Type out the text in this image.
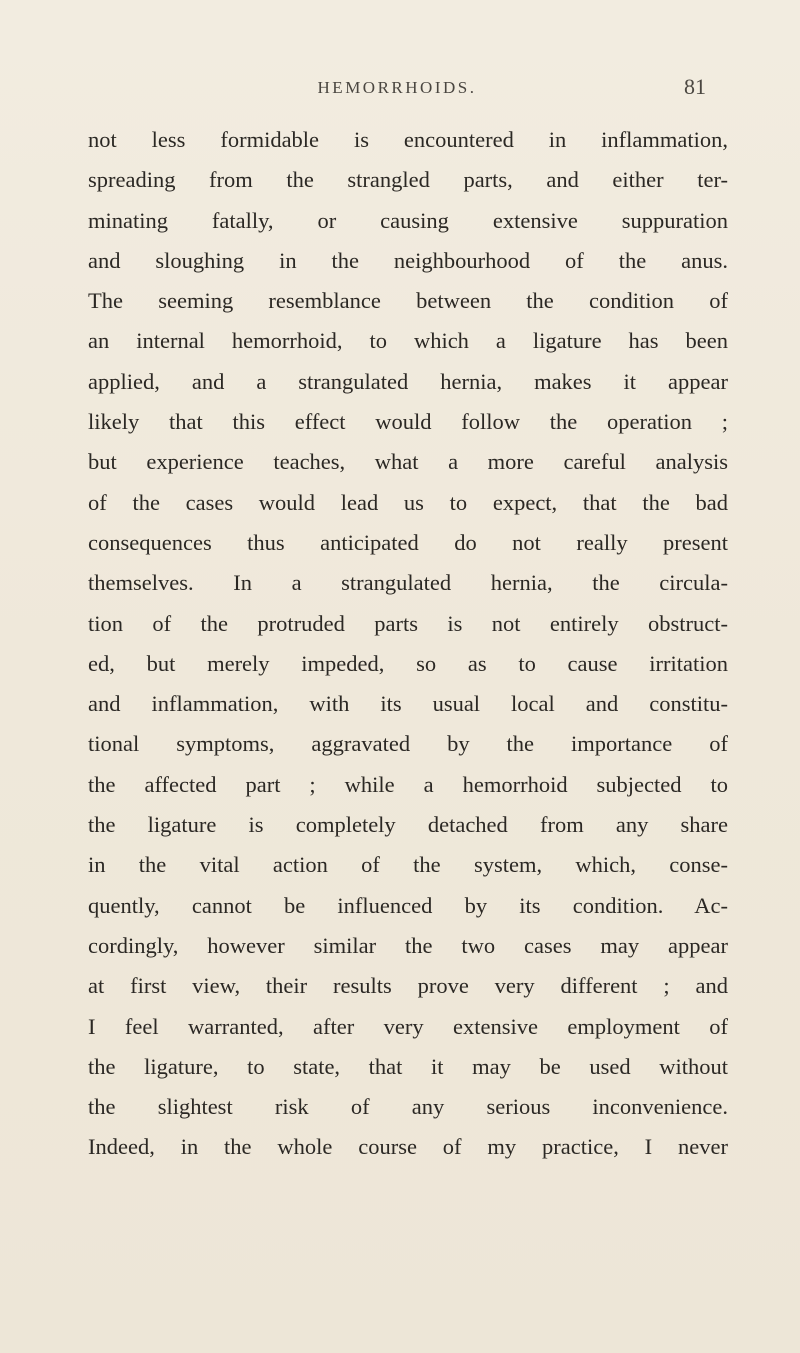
HEMORRHOIDS.	81
not less formidable is encountered in inflammation,
spreading from the strangled parts, and either ter-
minating fatally, or causing extensive suppuration
and sloughing in the neighbourhood of the anus.
The seeming resemblance between the condition of
an internal hemorrhoid, to which a ligature has been
applied, and a strangulated hernia, makes it appear
likely that this effect would follow the operation ;
but experience teaches, what a more careful analysis
of the cases would lead us to expect, that the bad
consequences thus anticipated do not really present
themselves. In a strangulated hernia, the circula-
tion of the protruded parts is not entirely obstruct-
ed, but merely impeded, so as to cause irritation
and inflammation, with its usual local and constitu-
tional symptoms, aggravated by the importance of
the affected part ; while a hemorrhoid subjected to
the ligature is completely detached from any share
in the vital action of the system, which, conse-
quently, cannot be influenced by its condition. Ac-
cordingly, however similar the two cases may appear
at first view, their results prove very different ; and
I feel warranted, after very extensive employment of
the ligature, to state, that it may be used without
the slightest risk of any serious inconvenience.
Indeed, in the whole course of my practice, I never
